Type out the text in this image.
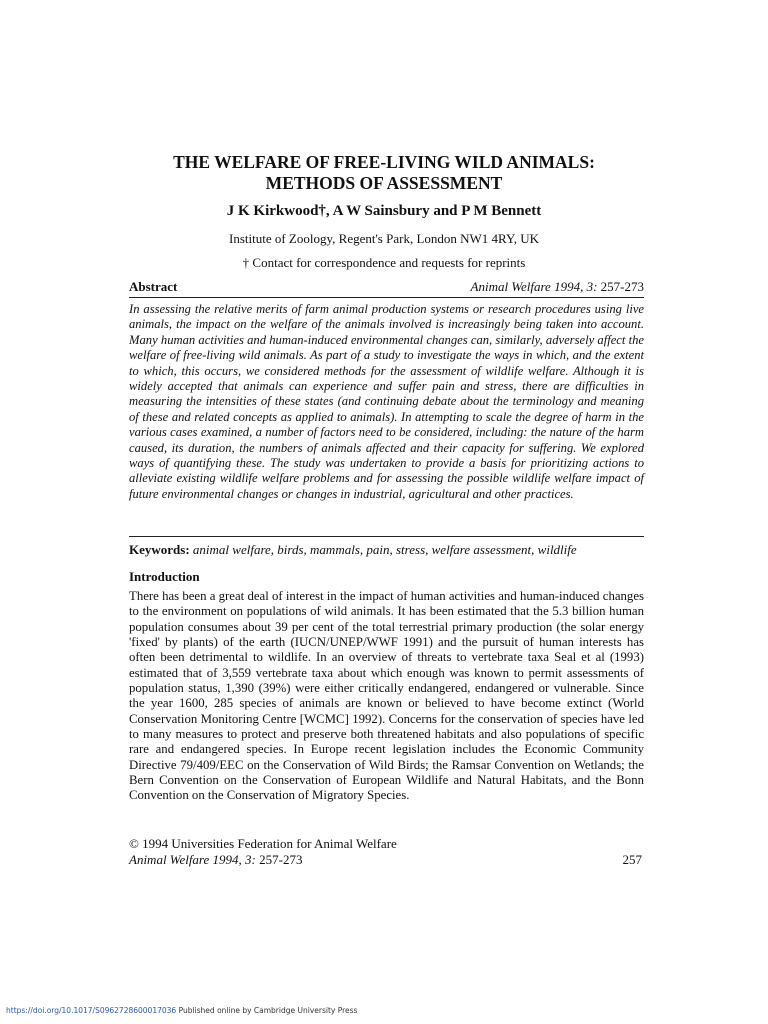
THE WELFARE OF FREE-LIVING WILD ANIMALS:
METHODS OF ASSESSMENT
J K Kirkwood†, A W Sainsbury and P M Bennett
Institute of Zoology, Regent's Park, London NW1 4RY, UK
† Contact for correspondence and requests for reprints
Abstract	Animal Welfare 1994, 3: 257-273
In assessing the relative merits of farm animal production systems or research procedures using live animals, the impact on the welfare of the animals involved is increasingly being taken into account. Many human activities and human-induced environmental changes can, similarly, adversely affect the welfare of free-living wild animals. As part of a study to investigate the ways in which, and the extent to which, this occurs, we considered methods for the assessment of wildlife welfare. Although it is widely accepted that animals can experience and suffer pain and stress, there are difficulties in measuring the intensities of these states (and continuing debate about the terminology and meaning of these and related concepts as applied to animals). In attempting to scale the degree of harm in the various cases examined, a number of factors need to be considered, including: the nature of the harm caused, its duration, the numbers of animals affected and their capacity for suffering. We explored ways of quantifying these. The study was undertaken to provide a basis for prioritizing actions to alleviate existing wildlife welfare problems and for assessing the possible wildlife welfare impact of future environmental changes or changes in industrial, agricultural and other practices.
Keywords: animal welfare, birds, mammals, pain, stress, welfare assessment, wildlife
Introduction
There has been a great deal of interest in the impact of human activities and human-induced changes to the environment on populations of wild animals. It has been estimated that the 5.3 billion human population consumes about 39 per cent of the total terrestrial primary production (the solar energy 'fixed' by plants) of the earth (IUCN/UNEP/WWF 1991) and the pursuit of human interests has often been detrimental to wildlife. In an overview of threats to vertebrate taxa Seal et al (1993) estimated that of 3,559 vertebrate taxa about which enough was known to permit assessments of population status, 1,390 (39%) were either critically endangered, endangered or vulnerable. Since the year 1600, 285 species of animals are known or believed to have become extinct (World Conservation Monitoring Centre [WCMC] 1992). Concerns for the conservation of species have led to many measures to protect and preserve both threatened habitats and also populations of specific rare and endangered species. In Europe recent legislation includes the Economic Community Directive 79/409/EEC on the Conservation of Wild Birds; the Ramsar Convention on Wetlands; the Bern Convention on the Conservation of European Wildlife and Natural Habitats, and the Bonn Convention on the Conservation of Migratory Species.
© 1994 Universities Federation for Animal Welfare
Animal Welfare 1994, 3: 257-273	257
https://doi.org/10.1017/S0962728600017036 Published online by Cambridge University Press
